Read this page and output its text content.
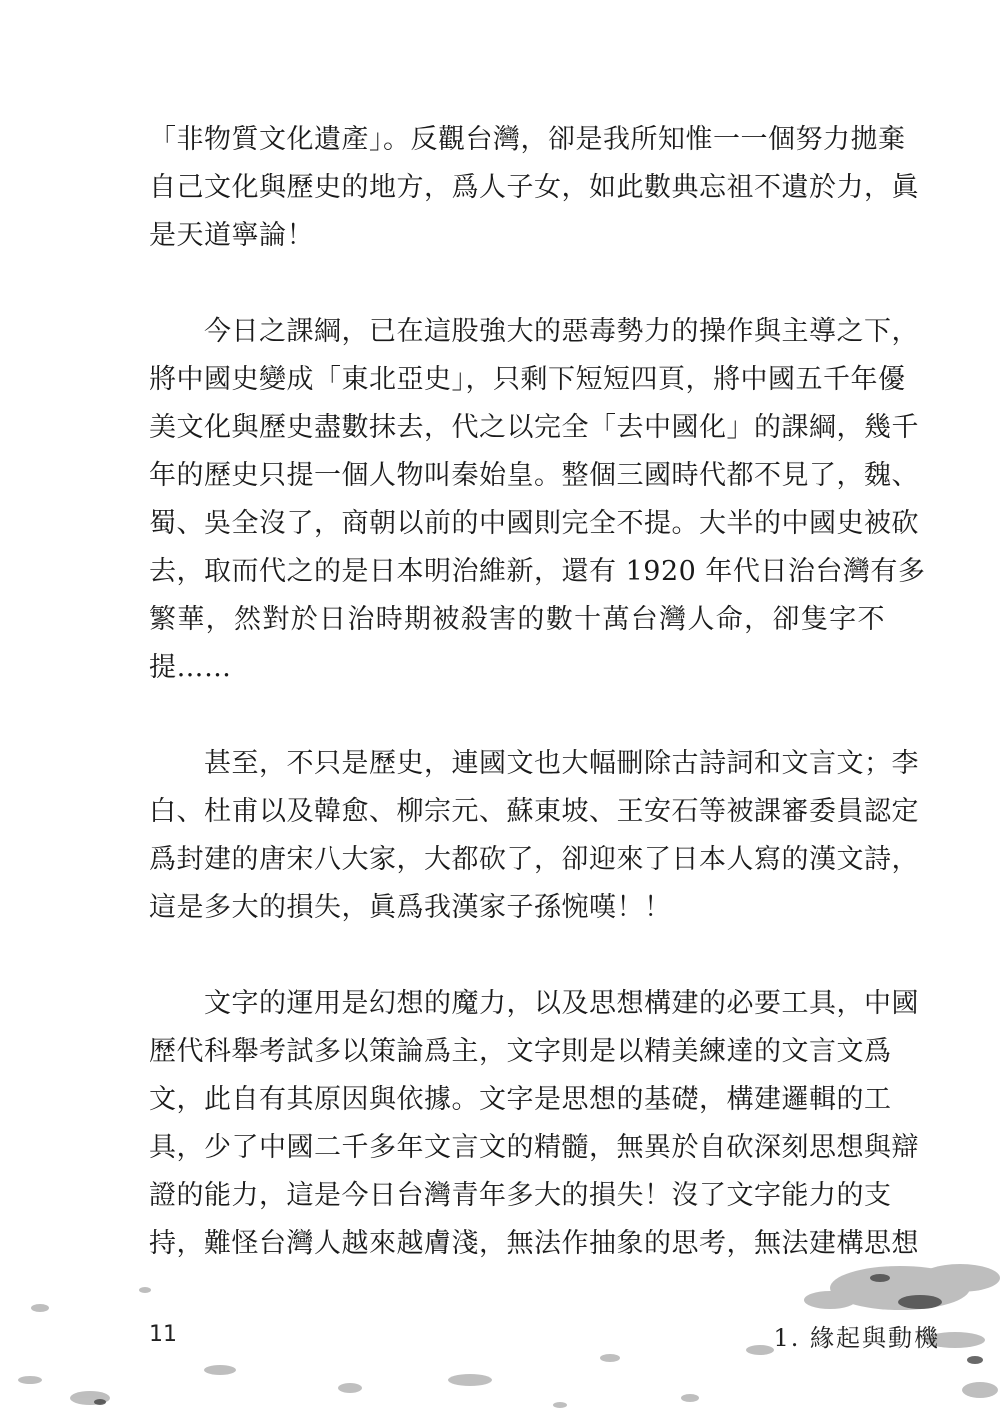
「非物質文化遺產」。反觀台灣，卻是我所知惟一一個努力拋棄
自己文化與歷史的地方，爲人子女，如此數典忘祖不遺於力，眞
是天道寧論！

　　今日之課綱，已在這股強大的惡毒勢力的操作與主導之下，
將中國史變成「東北亞史」，只剩下短短四頁，將中國五千年優
美文化與歷史盡數抹去，代之以完全「去中國化」的課綱，幾千
年的歷史只提一個人物叫秦始皇。整個三國時代都不見了，魏、
蜀、吳全沒了，商朝以前的中國則完全不提。大半的中國史被砍
去，取而代之的是日本明治維新，還有 1920 年代日治台灣有多
繁華，然對於日治時期被殺害的數十萬台灣人命，卻隻字不
提……

　　甚至，不只是歷史，連國文也大幅刪除古詩詞和文言文；李
白、杜甫以及韓愈、柳宗元、蘇東坡、王安石等被課審委員認定
爲封建的唐宋八大家，大都砍了，卻迎來了日本人寫的漢文詩，
這是多大的損失，眞爲我漢家子孫惋嘆！！

　　文字的運用是幻想的魔力，以及思想構建的必要工具，中國
歷代科舉考試多以策論爲主，文字則是以精美練達的文言文爲
文，此自有其原因與依據。文字是思想的基礎，構建邏輯的工
具，少了中國二千多年文言文的精髓，無異於自砍深刻思想與辯
證的能力，這是今日台灣青年多大的損失！沒了文字能力的支
持，難怪台灣人越來越膚淺，無法作抽象的思考，無法建構思想

11	1. 緣起與動機
